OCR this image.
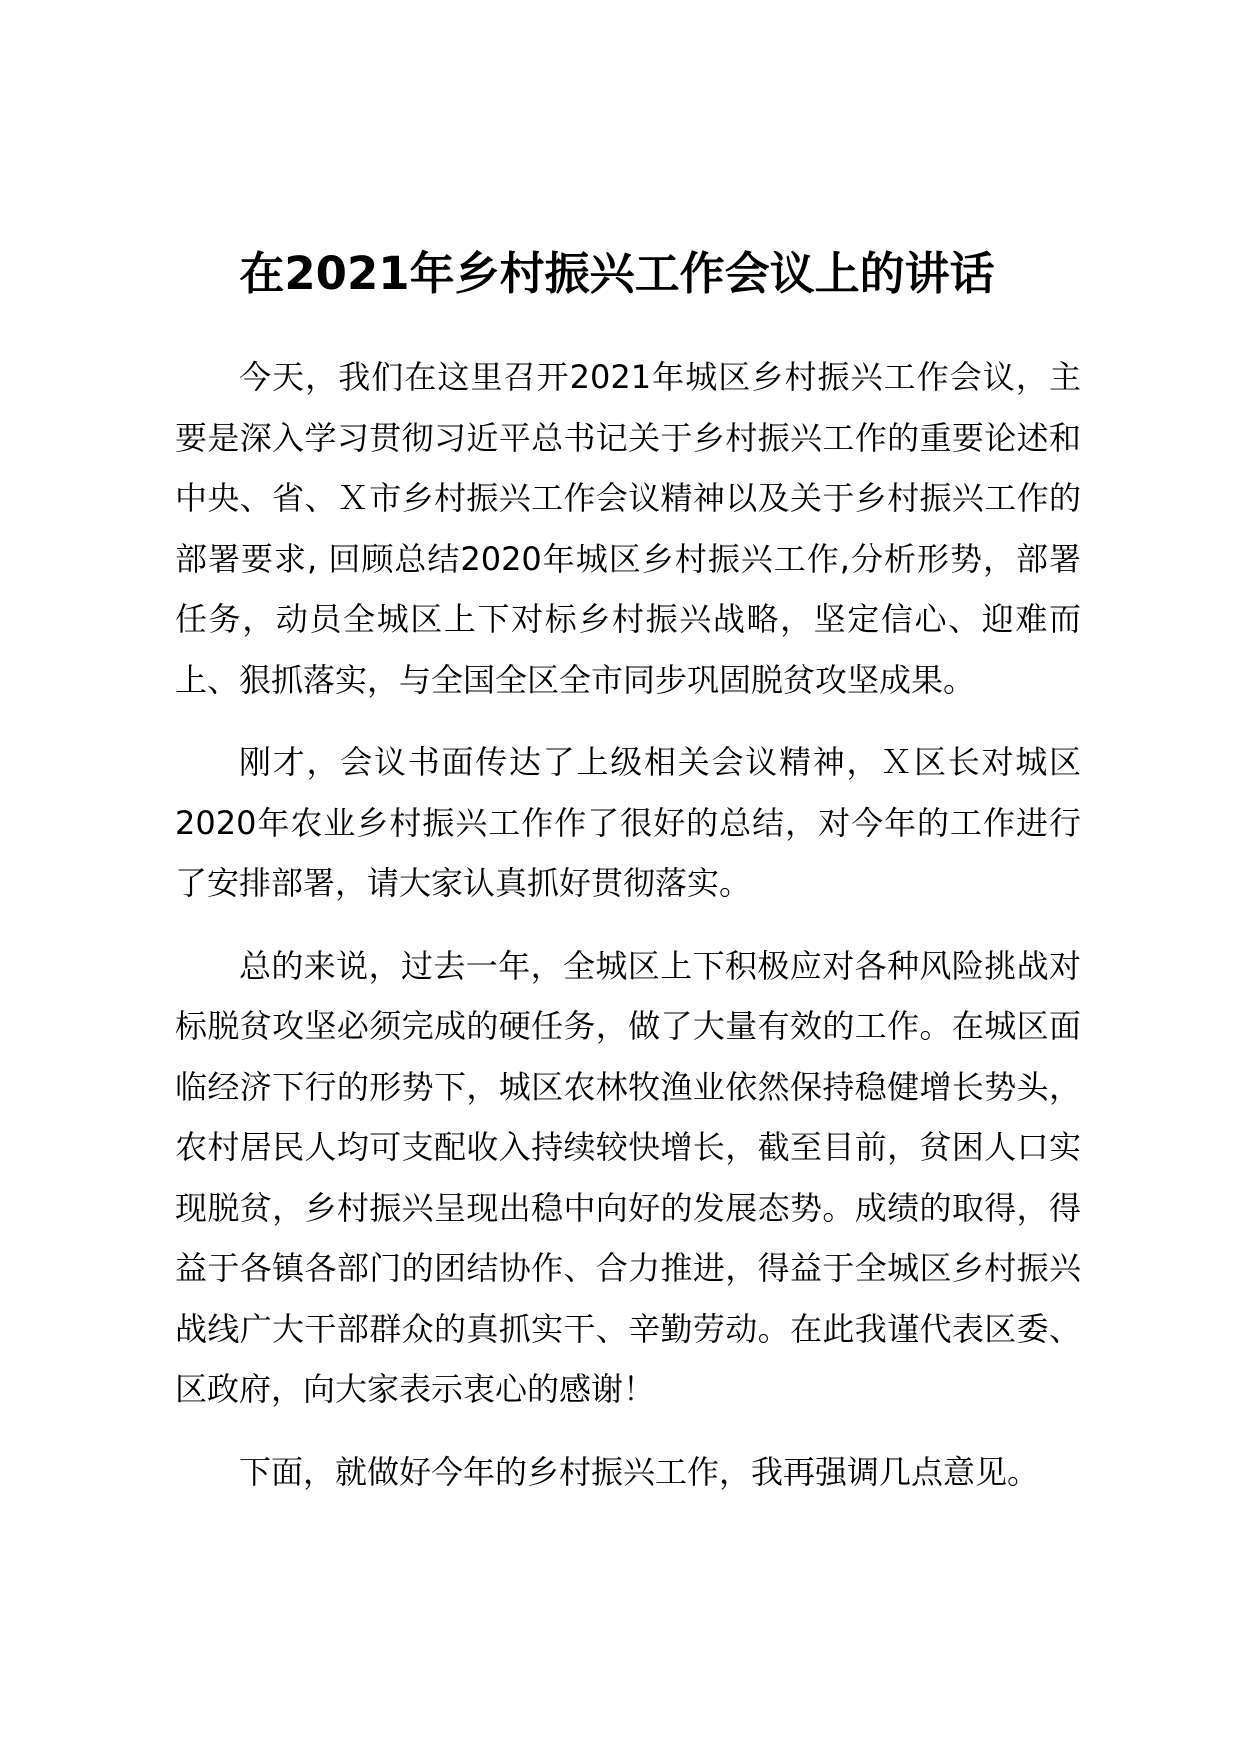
在2021年乡村振兴工作会议上的讲话

今天，我们在这里召开2021年城区乡村振兴工作会议，主要是深入学习贯彻习近平总书记关于乡村振兴工作的重要论述和中央、省、Ｘ市乡村振兴工作会议精神以及关于乡村振兴工作的部署要求, 回顾总结2020年城区乡村振兴工作,分析形势，部署任务，动员全城区上下对标乡村振兴战略，坚定信心、迎难而上、狠抓落实，与全国全区全市同步巩固脱贫攻坚成果。

刚才，会议书面传达了上级相关会议精神，Ｘ区长对城区2020年农业乡村振兴工作作了很好的总结，对今年的工作进行了安排部署，请大家认真抓好贯彻落实。

总的来说，过去一年，全城区上下积极应对各种风险挑战对标脱贫攻坚必须完成的硬任务，做了大量有效的工作。在城区面临经济下行的形势下，城区农林牧渔业依然保持稳健增长势头，农村居民人均可支配收入持续较快增长，截至目前，贫困人口实现脱贫，乡村振兴呈现出稳中向好的发展态势。成绩的取得，得益于各镇各部门的团结协作、合力推进，得益于全城区乡村振兴战线广大干部群众的真抓实干、辛勤劳动。在此我谨代表区委、区政府，向大家表示衷心的感谢！

下面，就做好今年的乡村振兴工作，我再强调几点意见。
